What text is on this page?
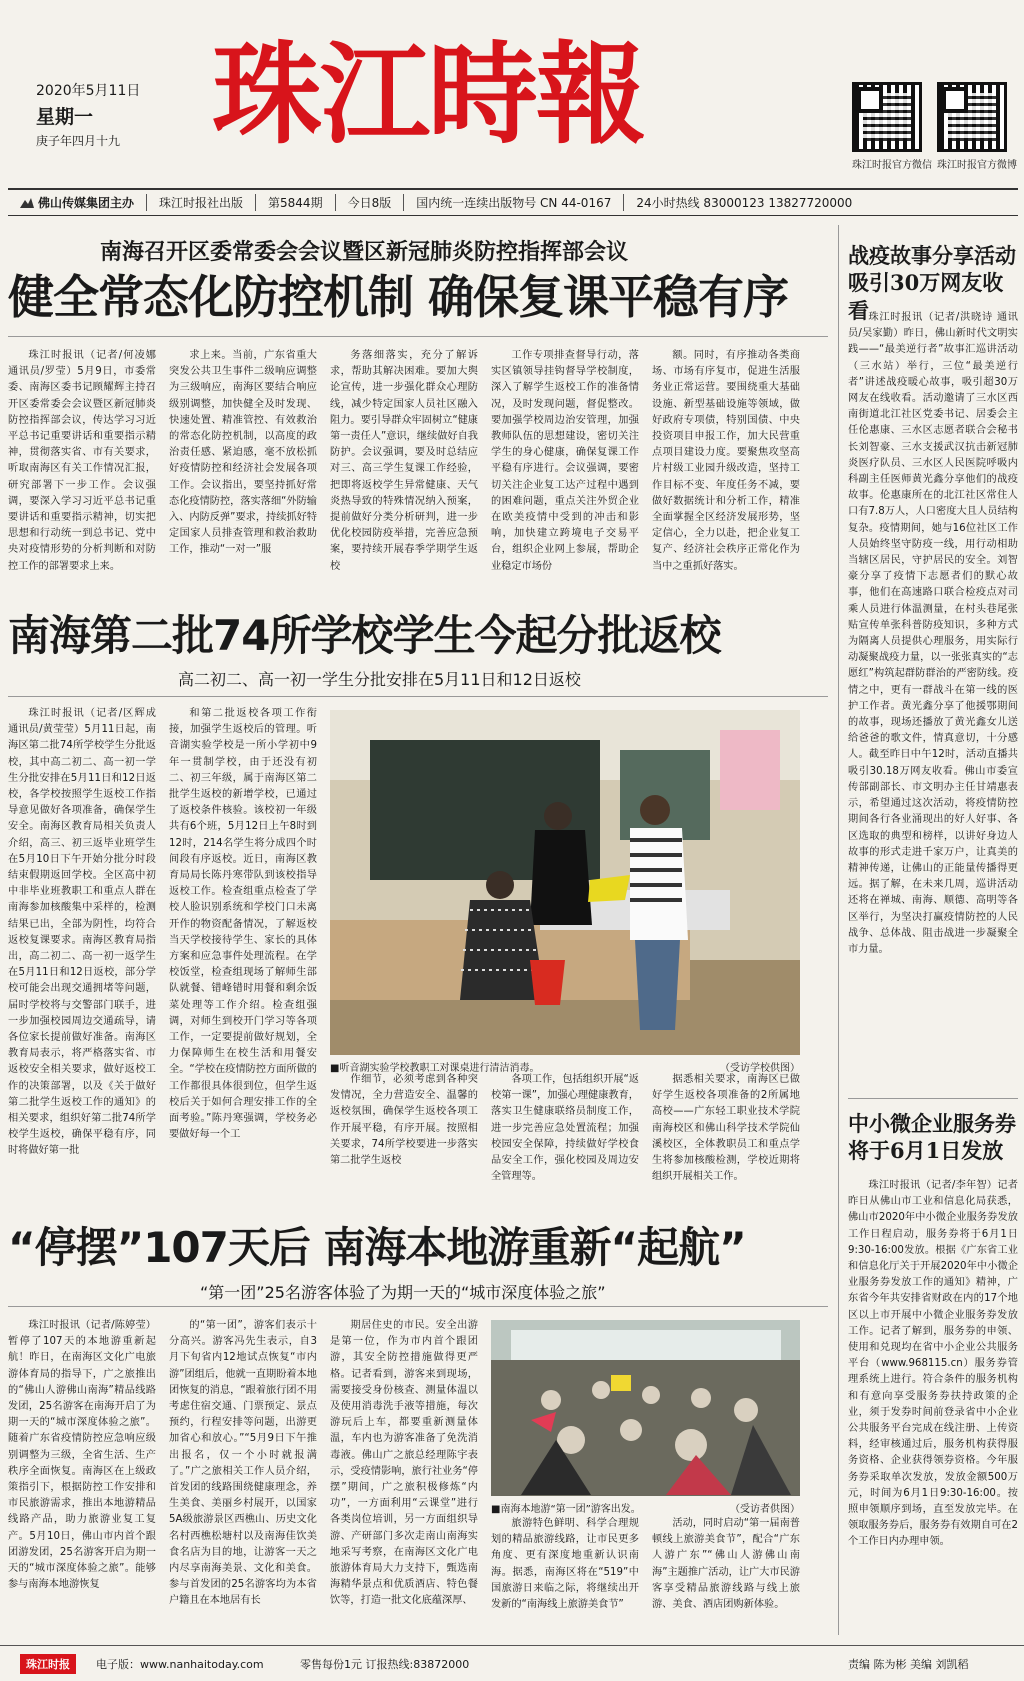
2020年5月11日
星期一
庚子年四月十九 珠江時報
珠江时报官方微信 珠江时报官方微博
佛山传媒集团主办	珠江时报社出版	第5844期	今日8版	国内统一连续出版物号 CN 44-0167	24小时热线 83000123 13827720000
南海召开区委常委会会议暨区新冠肺炎防控指挥部会议
健全常态化防控机制 确保复课平稳有序

珠江时报讯（记者/何凌娜 通讯员/罗莹）5月9日，市委常委、南海区委书记顾耀辉主持召开区委常委会会议暨区新冠肺炎防控指挥部会议，传达学习习近平总书记重要讲话和重要指示精神，贯彻落实省、市有关要求，听取南海区有关工作情况汇报，研究部署下一步工作。会议强调，要深入学习习近平总书记重要讲话和重要指示精神，切实把思想和行动统一到总书记、党中央对疫情形势的分析判断和对防控工作的部署要求上来。

求上来。当前，广东省重大突发公共卫生事件二级响应调整为三级响应，南海区要结合响应级别调整，加快健全及时发现、快速处置、精准管控、有效救治的常态化防控机制，以高度的政治责任感、紧迫感，毫不放松抓好疫情防控和经济社会发展各项工作。会议指出，要坚持抓好常态化疫情防控，落实落细“外防输入、内防反弹”要求，持续抓好特定国家人员排查管理和救治救助工作，推动“一对一”服

务落细落实，充分了解诉求，帮助其解决困难。要加大舆论宣传，进一步强化群众心理防线，减少特定国家人员社区融入阻力。要引导群众牢固树立“健康第一责任人”意识，继续做好自我防护。会议强调，要及时总结应对三、高三学生复课工作经验，把即将返校学生异常健康、天气炎热导致的特殊情况纳入预案，提前做好分类分析研判，进一步优化校园防疫举措，完善应急预案，要持续开展春季学期学生返校

工作专项排查督导行动，落实区镇领导挂钩督导学校制度，深入了解学生返校工作的准备情况，及时发现问题，督促整改。要加强学校周边治安管理，加强教师队伍的思想建设，密切关注学生的身心健康，确保复课工作平稳有序进行。会议强调，要密切关注企业复工达产过程中遇到的困难问题，重点关注外贸企业在欧美疫情中受到的冲击和影响，加快建立跨境电子交易平台，组织企业网上参展，帮助企业稳定市场份

额。同时，有序推动各类商场、市场有序复市，促进生活服务业正常运营。要围绕重大基础设施、新型基础设施等领域，做好政府专项债，特别国债、中央投资项目申报工作，加大民营重点项目建设力度。要聚焦攻坚高片村级工业园升级改造，坚持工作目标不变、年度任务不减，要做好数据统计和分析工作，精准全面掌握全区经济发展形势，坚定信心，全力以赴，把企业复工复产、经济社会秩序正常化作为当中之重抓好落实。

南海第二批74所学校学生今起分批返校
高二初二、高一初一学生分批安排在5月11日和12日返校

珠江时报讯（记者/区辉成 通讯员/黄莹莹）5月11日起，南海区第二批74所学校学生分批返校，其中高二初二、高一初一学生分批安排在5月11日和12日返校，各学校按照学生返校工作指导意见做好各项准备，确保学生安全。南海区教育局相关负责人介绍，高三、初三返毕业班学生在5月10日下午开始分批分时段结束假期返回学校。全区高中初中非毕业班教职工和重点人群在南海参加核酸集中采样的，检测结果已出，全部为阴性，均符合返校复课要求。南海区教育局指出，高二初二、高一初一返学生在5月11日和12日返校，部分学校可能会出现交通拥堵等问题，届时学校将与交警部门联手，进一步加强校园周边交通疏导，请各位家长提前做好准备。南海区教育局表示，将严格落实省、市返校安全相关要求，做好返校工作的决策部署，以及《关于做好第二批学生返校工作的通知》的相关要求，组织好第二批74所学校学生返校，确保平稳有序，同时将做好第一批

和第二批返校各项工作衔接，加强学生返校后的管理。听音湖实验学校是一所小学初中9年一贯制学校，由于还没有初二、初三年级，属于南海区第二批学生返校的新增学校，已通过了返校条件核验。该校初一年级共有6个班，5月12日上午8时到12时，214名学生将分成四个时间段有序返校。近日，南海区教育局局长陈丹寒带队到该校指导返校工作。检查组重点检查了学校人脸识别系统和学校门口未离开作的物资配备情况，了解返校当天学校接待学生、家长的具体方案和应急事件处理流程。在学校饭堂，检查组现场了解师生部队就餐、错峰错时用餐和剩余饭菜处理等工作介绍。检查组强调，对师生到校开门学习等各项工作，一定要提前做好规划，全力保障师生在校生活和用餐安全。“学校在疫情防控方面所做的工作都很具体很到位，但学生返校后关于如何合理安排工作的全面考验。”陈丹寒强调，学校务必要做好每一个工

■听音湖实验学校教职工对课桌进行清洁消毒。	（受访学校供图）

作细节，必须考虑到各种突发情况，全力营造安全、温馨的返校氛围，确保学生返校各项工作开展平稳，有序开展。按照相关要求，74所学校要进一步落实第二批学生返校

各项工作，包括组织开展“返校第一课”，加强心理健康教育，落实卫生健康联络员制度工作，进一步完善应急处置流程；加强校园安全保障，持续做好学校食品安全工作，强化校园及周边安全管理等。

据悉相关要求，南海区已做好学生返校各项准备的2所属地高校——广东轻工职业技术学院南海校区和佛山科学技术学院仙溪校区，全体教职员工和重点学生将参加核酸检测，学校近期将组织开展相关工作。

“停摆”107天后 南海本地游重新“起航”
“第一团”25名游客体验了为期一天的“城市深度体验之旅”

珠江时报讯（记者/陈婷莹）暂停了107天的本地游重新起航！昨日，在南海区文化广电旅游体育局的指导下，广之旅推出的“佛山人游佛山南海”精品线路发团，25名游客在南海开启了为期一天的“城市深度体验之旅”。随着广东省疫情防控应急响应级别调整为三级，全省生活、生产秩序全面恢复。南海区在上级政策指引下，根据防控工作安排和市民旅游需求，推出本地游精品线路产品，助力旅游业复工复产。5月10日，佛山市内首个跟团游发团，25名游客开启为期一天的“城市深度体验之旅”。能够参与南海本地游恢复

的“第一团”，游客们表示十分高兴。游客冯先生表示，自3月下旬省内12地试点恢复“市内游”团组后，他就一直期盼着本地团恢复的消息，“跟着旅行团不用考虑住宿交通、门票预定、景点预约，行程安排等问题，出游更加省心和放心。”“5月9日下午推出报名，仅一个小时就报满了。”广之旅相关工作人员介绍，首发团的线路围绕健康理念，养生美食、美丽乡村展开，以国家5A级旅游景区西樵山、历史文化名村西樵松塘村以及南海佳饮美食名店为目的地，让游客一天之内尽享南海美景、文化和美食。参与首发团的25名游客均为本省户籍且在本地居有长

期居住史的市民。安全出游是第一位，作为市内首个跟团游，其安全防控措施做得更严格。记者看到，游客来到现场，需要接受身份核查、测量体温以及使用消毒洗手液等措施，每次游玩后上车，都要重新测量体温，车内也为游客准备了免洗消毒液。佛山广之旅总经理陈宇表示，受疫情影响，旅行社业务“停摆”期间，广之旅积极修炼“内功”，一方面利用“云课堂”进行各类岗位培训，另一方面组织导游、产研部门多次走南山南海实地采写考察，在南海区文化广电旅游体育局大力支持下，甄选南海精华景点和优质酒店、特色餐饮等，打造一批文化底蕴深厚、

■南海本地游“第一团”游客出发。	（受访者供图）

旅游特色鲜明、科学合理规划的精品旅游线路，让市民更多角度、更有深度地重新认识南海。据悉，南海区将在“519”中国旅游日来临之际，将继续出开发新的“南海线上旅游美食节”

活动，同时启动“第一届南普顿线上旅游美食节”，配合“广东人游广东”“佛山人游佛山南海”主题推广活动，让广大市民游客享受精品旅游线路与线上旅游、美食、酒店团购新体验。

战疫故事分享活动吸引30万网友收看 珠江时报讯（记者/洪晓诗 通讯员/吴家勤）昨日，佛山新时代文明实践——“最美逆行者”故事汇巡讲活动（三水站）举行，三位“最美逆行者”讲述战疫暖心故事，吸引超30万网友在线收看。活动邀请了三水区西南街道北江社区党委书记、居委会主任伦惠康、三水区志愿者联合会秘书长刘智豪、三水支援武汉抗击新冠肺炎医疗队员、三水区人民医院呼吸内科副主任医师黄光鑫分享他们的战疫故事。伦惠康所在的北江社区常住人口有7.8万人，人口密度大且人员结构复杂。疫情期间，她与16位社区工作人员始终坚守防疫一线，用行动相助当辖区居民，守护居民的安全。刘智豪分享了疫情下志愿者们的默心故事，他们在高速路口联合检疫点对司乘人员进行体温测量，在村头巷尾张贴宣传单张科普防疫知识，多种方式为隔离人员提供心理服务，用实际行动凝聚战疫力量，以一张张真实的“志愿红”构筑起群防群治的严密防线。疫情之中，更有一群战斗在第一线的医护工作者。黄光鑫分享了他援鄂期间的故事，现场还播放了黄光鑫女儿送给爸爸的歌文件，情真意切，十分感人。截至昨日中午12时，活动直播共吸引30.18万网友收看。佛山市委宣传部副部长、市文明办主任甘靖惠表示，希望通过这次活动，将疫情防控期间各行各业涌现出的好人好事、各区选取的典型和榜样，以讲好身边人故事的形式走进千家万户，让真美的精神传递，让佛山的正能量传播得更远。据了解，在未来几周，巡讲活动还将在禅城、南海、顺德、高明等各区举行，为坚决打赢疫情防控的人民战争、总体战、阻击战进一步凝聚全市力量。

中小微企业服务券将于6月1日发放

珠江时报讯（记者/李年智）记者昨日从佛山市工业和信息化局获悉，佛山市2020年中小微企业服务券发放工作日程启动，服务券将于6月1日9:30-16:00发放。根据《广东省工业和信息化厅关于开展2020年中小微企业服务券发放工作的通知》精神，广东省今年共安排省财政在内的17个地区以上市开展中小微企业服务券发放工作。记者了解到，服务券的申领、使用和兑现均在省中小企业公共服务平台（www.968115.cn）服务券管理系统上进行。符合条件的服务机构和有意向享受服务券扶持政策的企业，须于发券时间前登录省中小企业公共服务平台完成在线注册、上传资料，经审核通过后，服务机构获得服务资格、企业获得领券资格。今年服务券采取单次发放，发放金额500万元，时间为6月1日9:30-16:00。按照申领顺序到场，直至发放完毕。在领取服务券后，服务券有效期自可在2个工作日内办理申领。

珠江时报	电子版：www.nanhaitoday.com	零售每份1元 订报热线:83872000	责编 陈为彬 美编 刘凯稻
